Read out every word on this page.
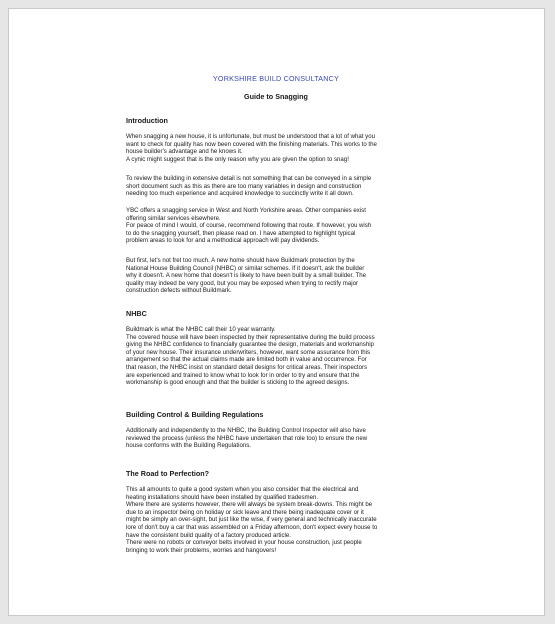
YORKSHIRE BUILD CONSULTANCY
Guide to Snagging
Introduction
When snagging a new house, it is unfortunate, but must be understood that a lot of what you
want to check for quality has now been covered with the finishing materials. This works to the
house builder's advantage and he knows it.
A cynic might suggest that is the only reason why you are given the option to snag!
To review the building in extensive detail is not something that can be conveyed in a simple
short document such as this as there are too many variables in design and construction
needing too much experience and acquired knowledge to succinctly write it all down.
YBC offers a snagging service in West and North Yorkshire areas. Other companies exist
offering similar services elsewhere.
For peace of mind I would, of course, recommend following that route. If however, you wish
to do the snagging yourself, then please read on. I have attempted to highlight typical
problem areas to look for and a methodical approach will pay dividends.
But first, let's not fret too much. A new home should have Buildmark protection by the
National House Building Council (NHBC) or similar schemes. If it doesn't, ask the builder
why it doesn't. A new home that doesn't is likely to have been built by a small builder. The
quality may indeed be very good, but you may be exposed when trying to rectify major
construction defects without Buildmark.
NHBC
Buildmark is what the NHBC call their 10 year warranty.
The covered house will have been inspected by their representative during the build process
giving the NHBC confidence to financially guarantee the design, materials and workmanship
of your new house. Their insurance underwriters, however, want some assurance from this
arrangement so that the actual claims made are limited both in value and occurrence. For
that reason, the NHBC insist on standard detail designs for critical areas. Their inspectors
are experienced and trained to know what to look for in order to try and ensure that the
workmanship is good enough and that the builder is sticking to the agreed designs.
Building Control & Building Regulations
Additionally and independently to the NHBC, the Building Control Inspector will also have
reviewed the process (unless the NHBC have undertaken that role too) to ensure the new
house conforms with the Building Regulations.
The Road to Perfection?
This all amounts to quite a good system when you also consider that the electrical and
heating installations should have been installed by qualified tradesmen.
Where there are systems however, there will always be system break-downs. This might be
due to an inspector being on holiday or sick leave and there being inadequate cover or it
might be simply an over-sight, but just like the wise, if very general and technically inaccurate
lore of don't buy a car that was assembled on a Friday afternoon, don't expect every house to
have the consistent build quality of a factory produced article.
There were no robots or conveyor belts involved in your house construction, just people
bringing to work their problems, worries and hangovers!
